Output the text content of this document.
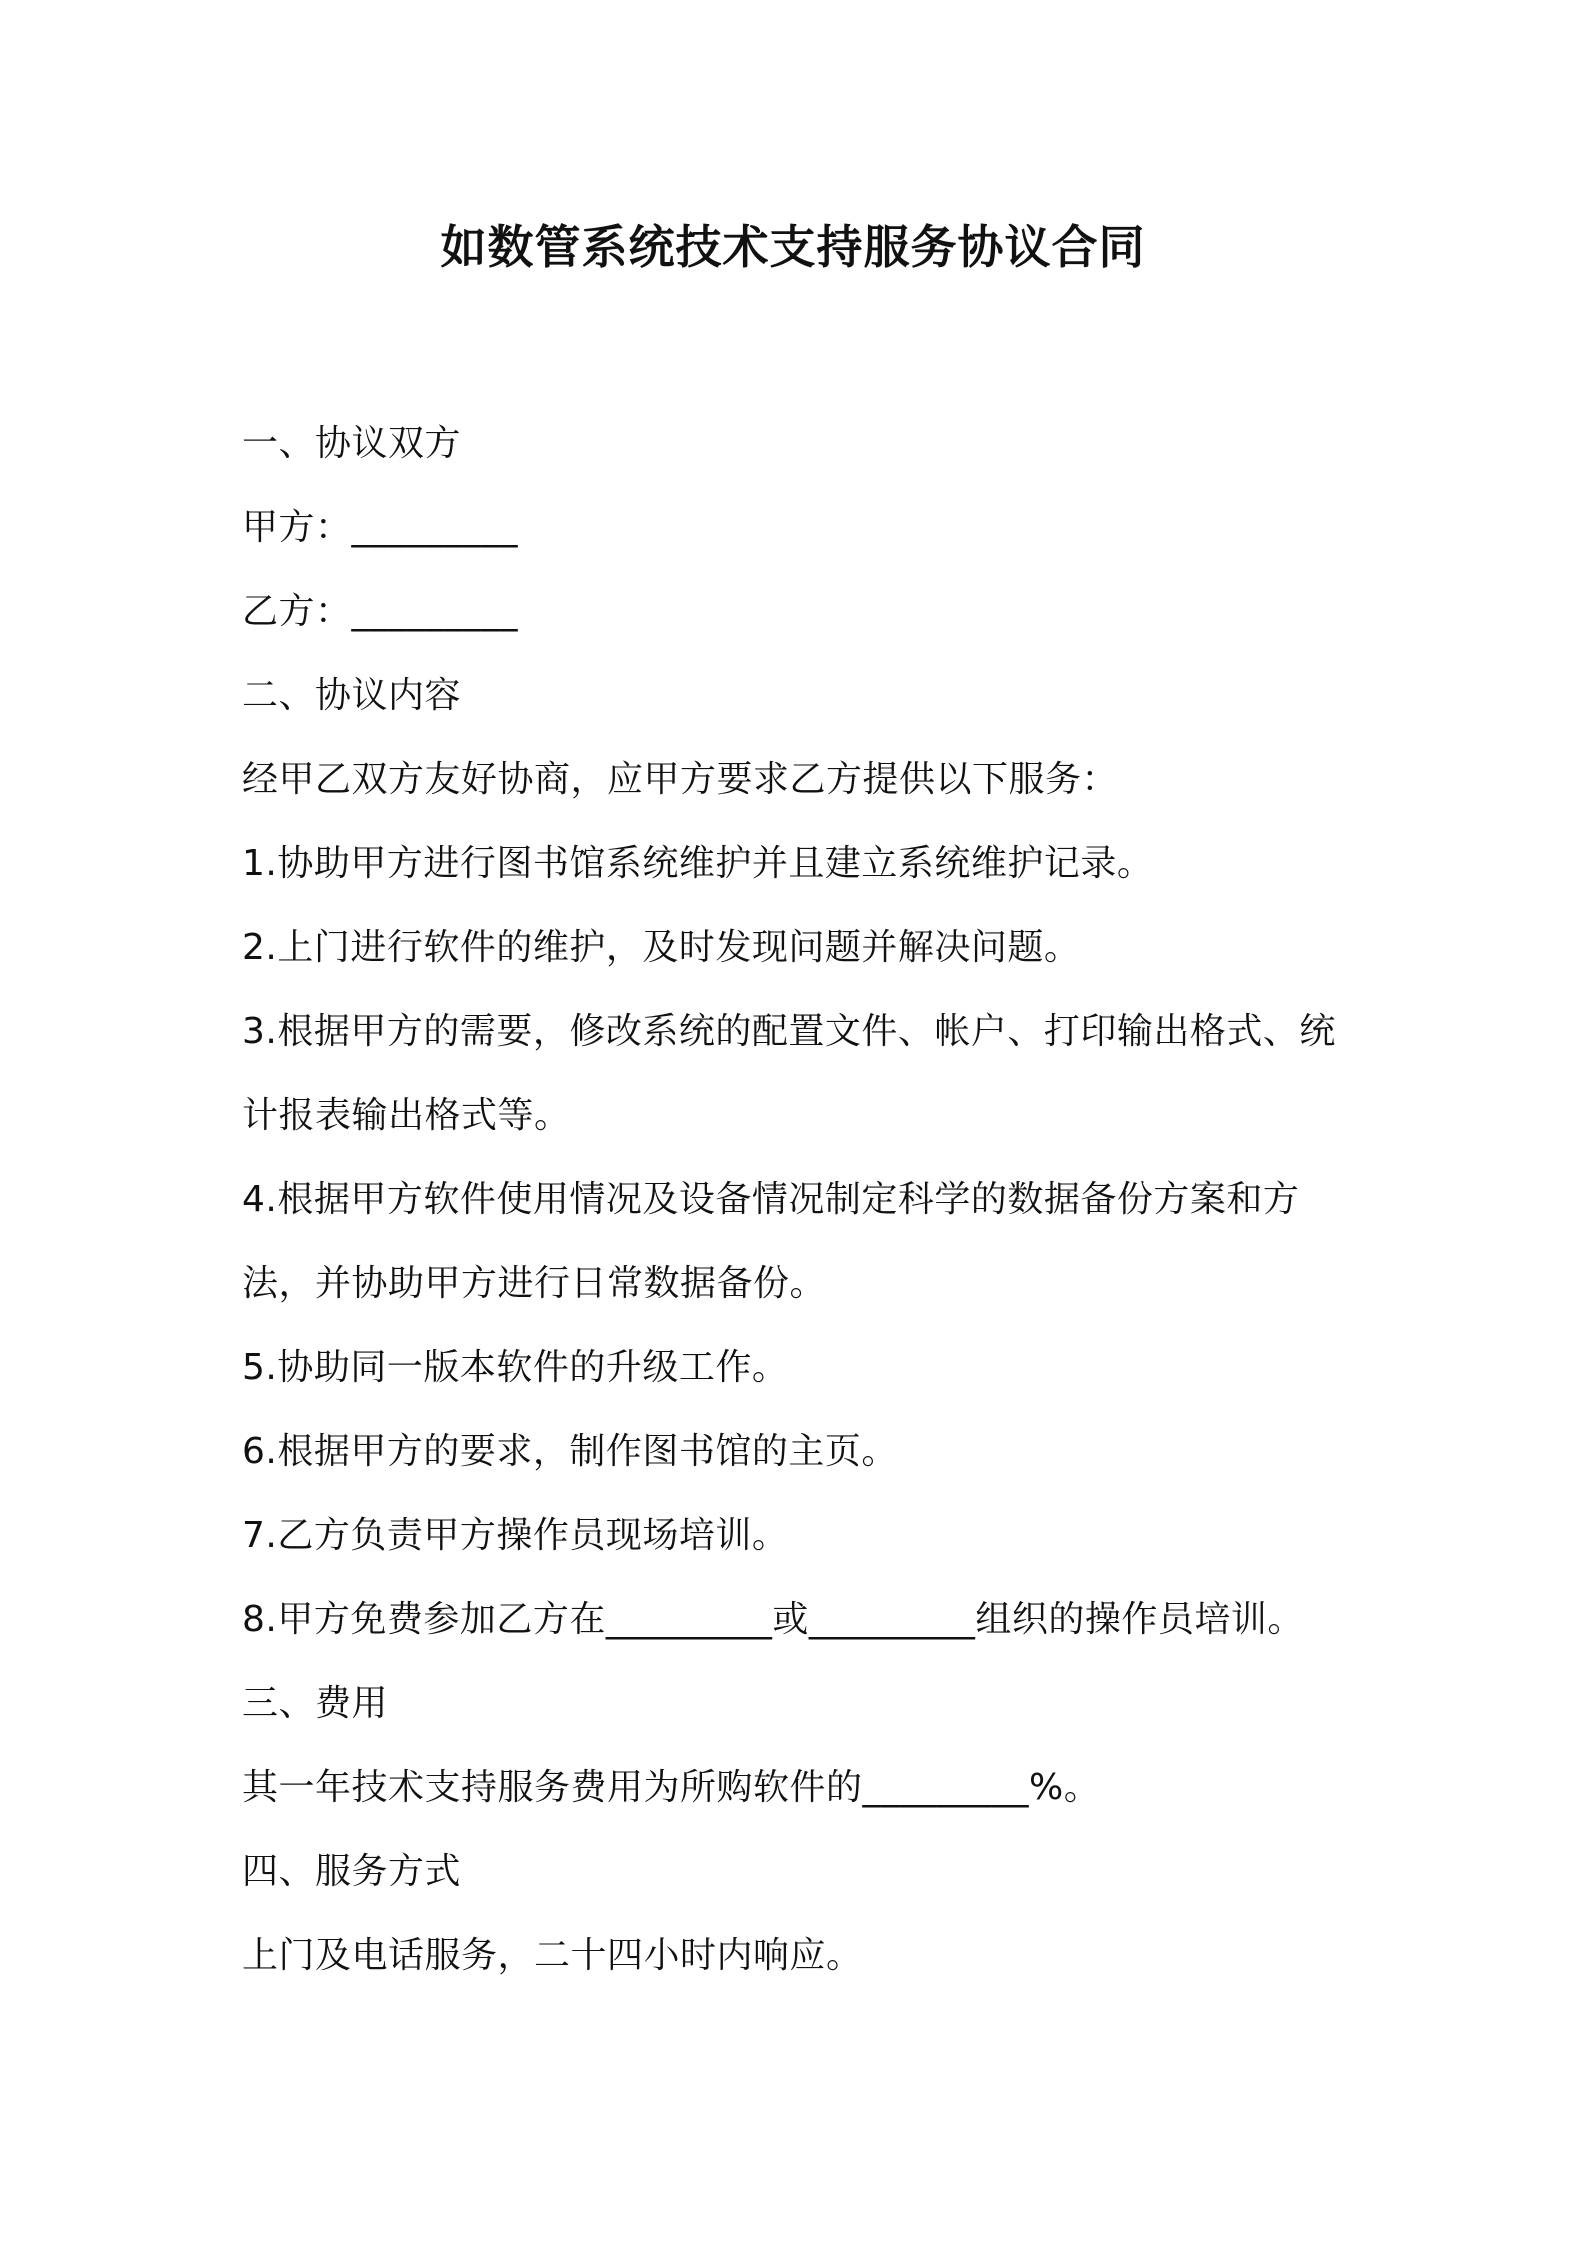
如数管系统技术支持服务协议合同
一、协议双方
甲方：_________
乙方：_________
二、协议内容
经甲乙双方友好协商，应甲方要求乙方提供以下服务：
1.协助甲方进行图书馆系统维护并且建立系统维护记录。
2.上门进行软件的维护，及时发现问题并解决问题。
3.根据甲方的需要，修改系统的配置文件、帐户、打印输出格式、统
计报表输出格式等。
4.根据甲方软件使用情况及设备情况制定科学的数据备份方案和方
法，并协助甲方进行日常数据备份。
5.协助同一版本软件的升级工作。
6.根据甲方的要求，制作图书馆的主页。
7.乙方负责甲方操作员现场培训。
8.甲方免费参加乙方在_________或_________组织的操作员培训。
三、费用
其一年技术支持服务费用为所购软件的_________%。
四、服务方式
上门及电话服务，二十四小时内响应。
